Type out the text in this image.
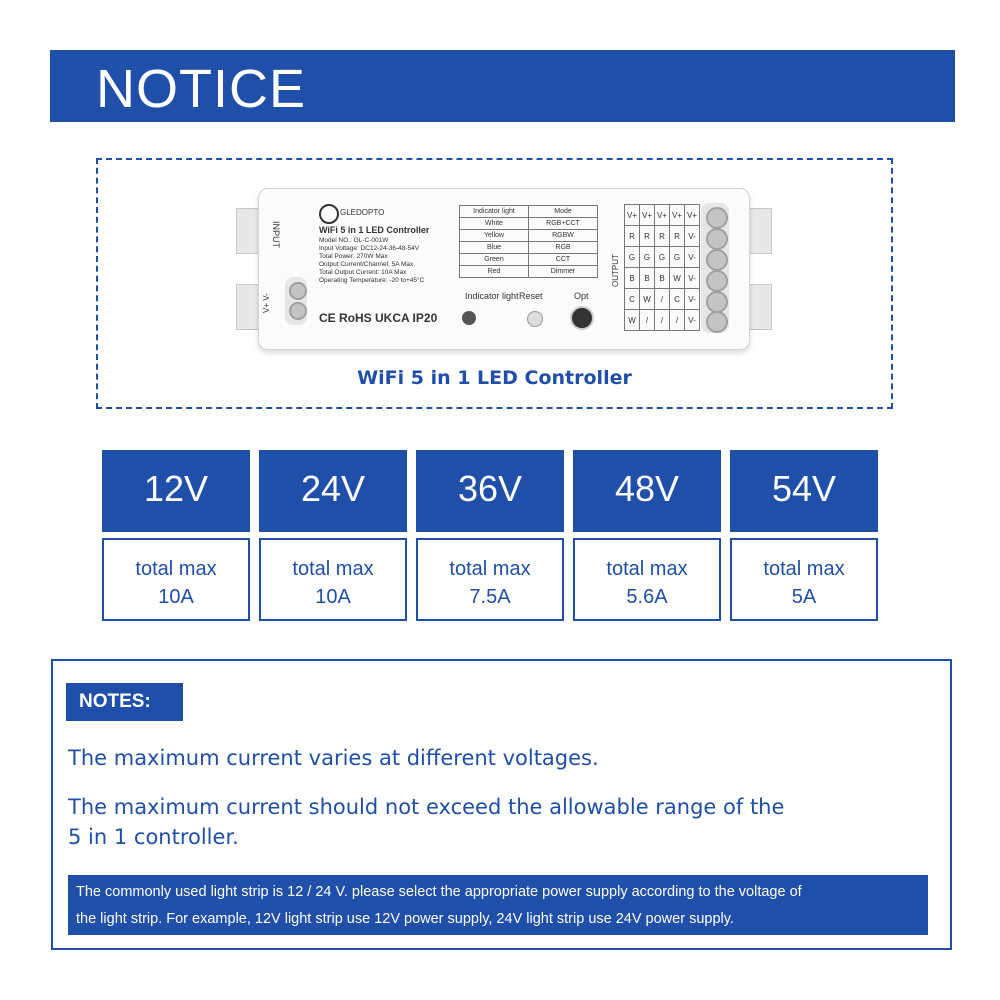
NOTICE
INPUT
V+ V-
GLEDOPTO
WiFi 5 in 1 LED Controller
Model NO.: GL-C-001W
Input Voltage: DC12-24-36-48-54V
Total Power: 270W Max
Output Current/Channel: 5A Max
Total Output Current: 10A Max
Operating Temperature: -20 to+45°C
CE RoHS UKCA IP20
Indicator light	Mode
White	RGB+CCT
Yellow	RGBW
Blue	RGB
Green	CCT
Red	Dimmer
Indicator light Reset	Opt
OUTPUT
V+	V+	V+	V+	V+
R	R	R	R	V-
G	G	G	G	V-
B	B	B	W	V-
C	W	/	C	V-
W	/	/	/	V-
WiFi 5 in 1 LED Controller
12V	24V	36V	48V	54V
total max
10A
total max
10A
total max
7.5A
total max
5.6A
total max
5A
NOTES:
The maximum current varies at different voltages.
The maximum current should not exceed the allowable range of the
5 in 1 controller.
The commonly used light strip is 12 / 24 V. please select the appropriate power supply according to the voltage of
the light strip. For example, 12V light strip use 12V power supply, 24V light strip use 24V power supply.
